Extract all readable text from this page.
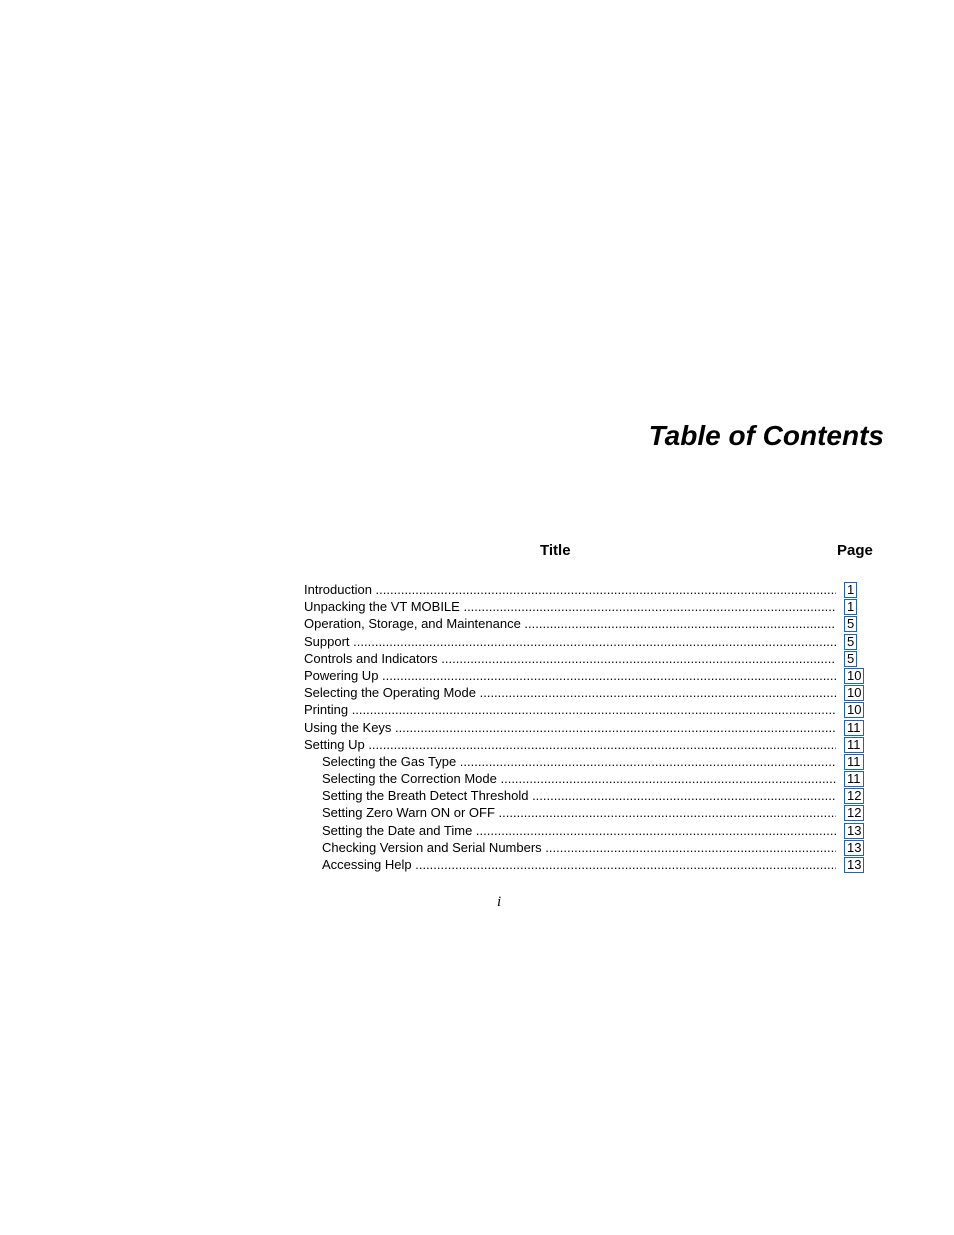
Table of Contents
Title	Page
Introduction .....	1
Unpacking the VT MOBILE .....	1
Operation, Storage, and Maintenance .....	5
Support .....	5
Controls and Indicators .....	5
Powering Up .....	10
Selecting the Operating Mode .....	10
Printing .....	10
Using the Keys .....	11
Setting Up .....	11
Selecting the Gas Type .....	11
Selecting the Correction Mode .....	11
Setting the Breath Detect Threshold .....	12
Setting Zero Warn ON or OFF .....	12
Setting the Date and Time .....	13
Checking Version and Serial Numbers .....	13
Accessing Help .....	13
i
